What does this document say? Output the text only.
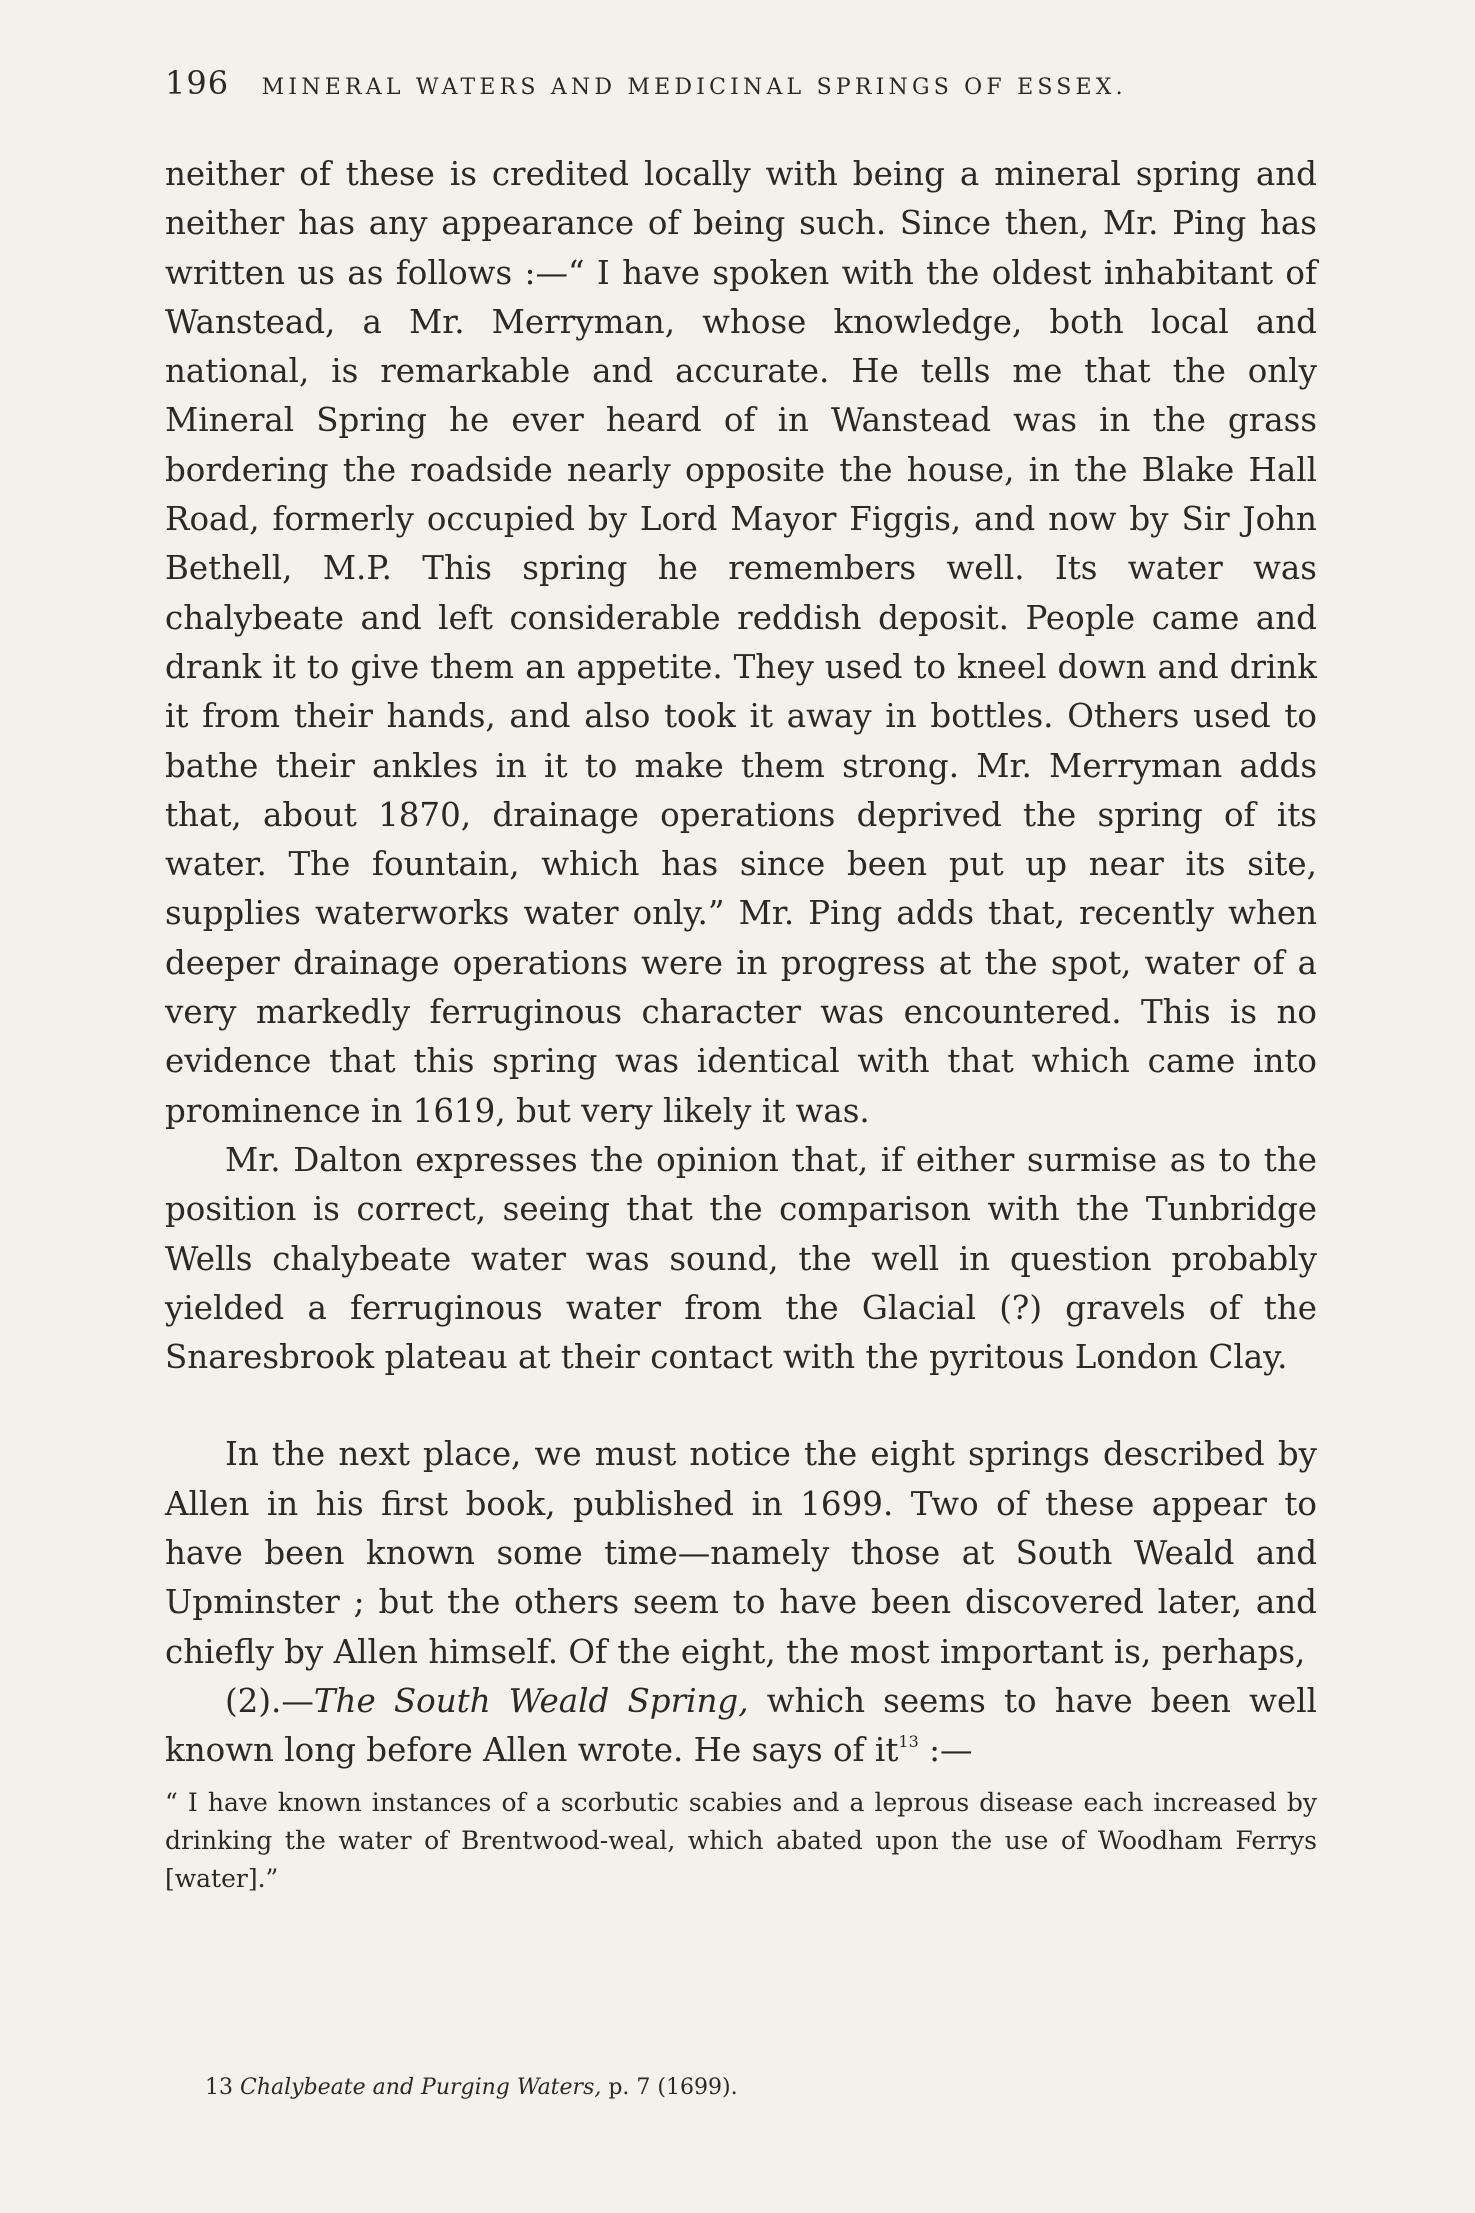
196 MINERAL WATERS AND MEDICINAL SPRINGS OF ESSEX.

neither of these is credited locally with being a mineral spring and neither has any appearance of being such. Since then, Mr. Ping has written us as follows :—“ I have spoken with the oldest inhabitant of Wanstead, a Mr. Merryman, whose knowledge, both local and national, is remarkable and accurate. He tells me that the only Mineral Spring he ever heard of in Wanstead was in the grass bordering the roadside nearly opposite the house, in the Blake Hall Road, formerly occupied by Lord Mayor Figgis, and now by Sir John Bethell, M.P. This spring he remembers well. Its water was chalybeate and left considerable reddish deposit. People came and drank it to give them an appetite. They used to kneel down and drink it from their hands, and also took it away in bottles. Others used to bathe their ankles in it to make them strong. Mr. Merryman adds that, about 1870, drainage operations deprived the spring of its water. The fountain, which has since been put up near its site, supplies waterworks water only.” Mr. Ping adds that, recently when deeper drainage operations were in progress at the spot, water of a very markedly ferruginous character was encountered. This is no evidence that this spring was identical with that which came into prominence in 1619, but very likely it was.

Mr. Dalton expresses the opinion that, if either surmise as to the position is correct, seeing that the comparison with the Tunbridge Wells chalybeate water was sound, the well in question probably yielded a ferruginous water from the Glacial (?) gravels of the Snaresbrook plateau at their contact with the pyritous London Clay.

In the next place, we must notice the eight springs described by Allen in his first book, published in 1699. Two of these appear to have been known some time—namely those at South Weald and Upminster ; but the others seem to have been discovered later, and chiefly by Allen himself. Of the eight, the most important is, perhaps,

(2).—The South Weald Spring, which seems to have been well known long before Allen wrote. He says of $it^{13}$ :—

“ I have known instances of a scorbutic scabies and a leprous disease each increased by drinking the water of Brentwood-weal, which abated upon the use of Woodham Ferrys [water].”

13 Chalybeate and Purging Waters, p. 7 (1699).
